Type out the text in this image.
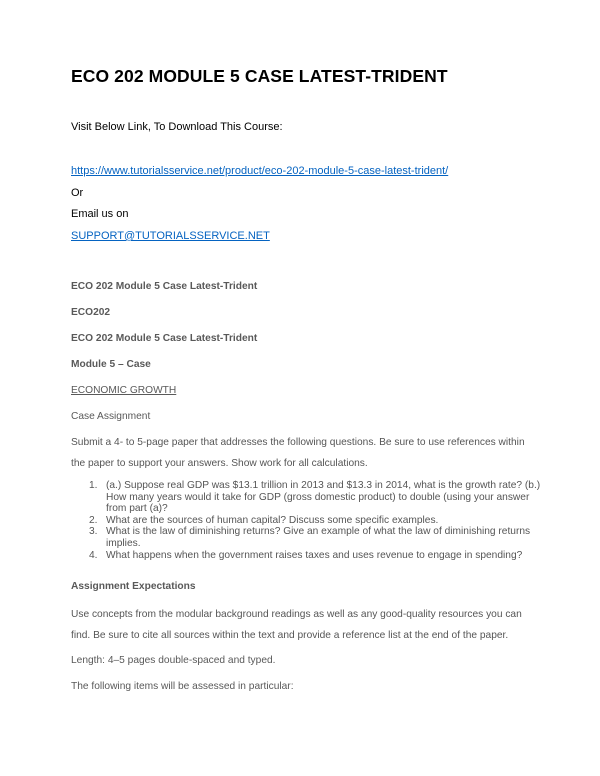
ECO 202 MODULE 5 CASE LATEST-TRIDENT

Visit Below Link, To Download This Course:

https://www.tutorialsservice.net/product/eco-202-module-5-case-latest-trident/

Or

Email us on

SUPPORT@TUTORIALSSERVICE.NET

ECO 202 Module 5 Case Latest-Trident

ECO202

ECO 202 Module 5 Case Latest-Trident

Module 5 – Case

ECONOMIC GROWTH

Case Assignment

Submit a 4- to 5-page paper that addresses the following questions. Be sure to use references within the paper to support your answers. Show work for all calculations.

1. (a.) Suppose real GDP was $13.1 trillion in 2013 and $13.3 in 2014, what is the growth rate? (b.) How many years would it take for GDP (gross domestic product) to double (using your answer from part (a)?
2. What are the sources of human capital? Discuss some specific examples.
3. What is the law of diminishing returns? Give an example of what the law of diminishing returns implies.
4. What happens when the government raises taxes and uses revenue to engage in spending?

Assignment Expectations

Use concepts from the modular background readings as well as any good-quality resources you can find. Be sure to cite all sources within the text and provide a reference list at the end of the paper.

Length: 4–5 pages double-spaced and typed.

The following items will be assessed in particular:
